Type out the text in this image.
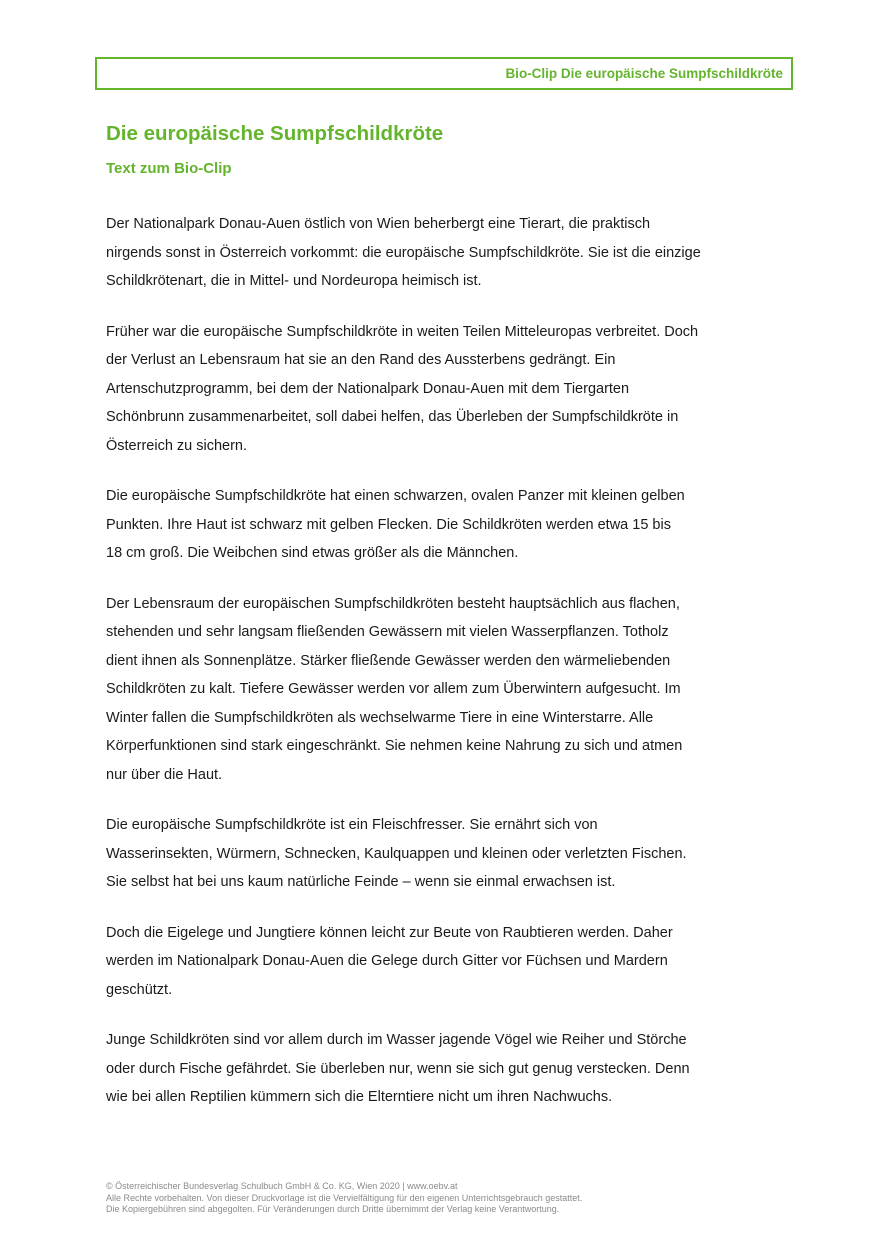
Bio-Clip Die europäische Sumpfschildkröte
Die europäische Sumpfschildkröte
Text zum Bio-Clip
Der Nationalpark Donau-Auen östlich von Wien beherbergt eine Tierart, die praktisch
nirgends sonst in Österreich vorkommt: die europäische Sumpfschildkröte. Sie ist die einzige
Schildkrötenart, die in Mittel- und Nordeuropa heimisch ist.
Früher war die europäische Sumpfschildkröte in weiten Teilen Mitteleuropas verbreitet. Doch
der Verlust an Lebensraum hat sie an den Rand des Aussterbens gedrängt. Ein
Artenschutzprogramm, bei dem der Nationalpark Donau-Auen mit dem Tiergarten
Schönbrunn zusammenarbeitet, soll dabei helfen, das Überleben der Sumpfschildkröte in
Österreich zu sichern.
Die europäische Sumpfschildkröte hat einen schwarzen, ovalen Panzer mit kleinen gelben
Punkten. Ihre Haut ist schwarz mit gelben Flecken. Die Schildkröten werden etwa 15 bis
18 cm groß. Die Weibchen sind etwas größer als die Männchen.
Der Lebensraum der europäischen Sumpfschildkröten besteht hauptsächlich aus flachen,
stehenden und sehr langsam fließenden Gewässern mit vielen Wasserpflanzen. Totholz
dient ihnen als Sonnenplätze. Stärker fließende Gewässer werden den wärmeliebenden
Schildkröten zu kalt. Tiefere Gewässer werden vor allem zum Überwintern aufgesucht. Im
Winter fallen die Sumpfschildkröten als wechselwarme Tiere in eine Winterstarre. Alle
Körperfunktionen sind stark eingeschränkt. Sie nehmen keine Nahrung zu sich und atmen
nur über die Haut.
Die europäische Sumpfschildkröte ist ein Fleischfresser. Sie ernährt sich von
Wasserinsekten, Würmern, Schnecken, Kaulquappen und kleinen oder verletzten Fischen.
Sie selbst hat bei uns kaum natürliche Feinde – wenn sie einmal erwachsen ist.
Doch die Eigelege und Jungtiere können leicht zur Beute von Raubtieren werden. Daher
werden im Nationalpark Donau-Auen die Gelege durch Gitter vor Füchsen und Mardern
geschützt.
Junge Schildkröten sind vor allem durch im Wasser jagende Vögel wie Reiher und Störche
oder durch Fische gefährdet. Sie überleben nur, wenn sie sich gut genug verstecken. Denn
wie bei allen Reptilien kümmern sich die Elterntiere nicht um ihren Nachwuchs.
© Österreichischer Bundesverlag Schulbuch GmbH & Co. KG, Wien 2020 | www.oebv.at
Alle Rechte vorbehalten. Von dieser Druckvorlage ist die Vervielfältigung für den eigenen Unterrichtsgebrauch gestattet.
Die Kopiergebühren sind abgegolten. Für Veränderungen durch Dritte übernimmt der Verlag keine Verantwortung.
